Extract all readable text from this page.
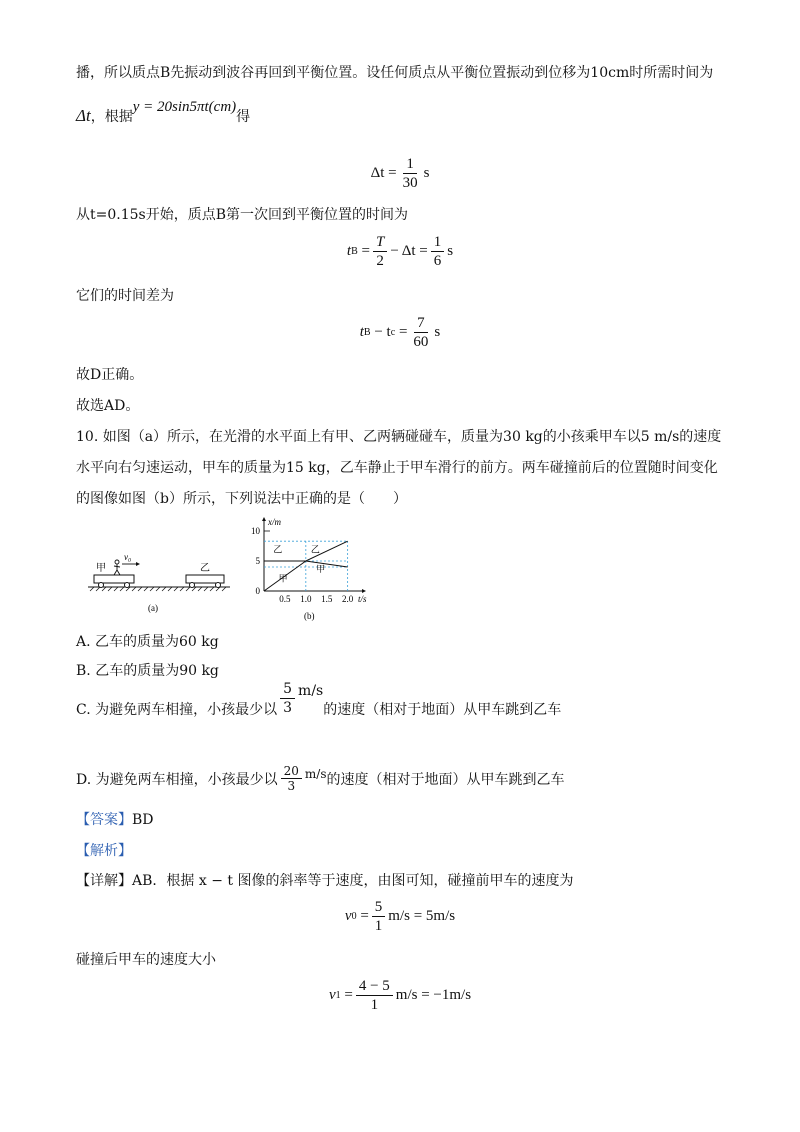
播，所以质点B先振动到波谷再回到平衡位置。设任何质点从平衡位置振动到位移为10cm时所需时间为
Δt ，根据
y = 20sin5πt(cm)
得
$\Delta t = \frac{1}{30}$ s
从t=0.15s开始，质点B第一次回到平衡位置的时间为
t B
= $\frac{T}{2} - \Delta t = \frac{1}{6}$ s
它们的时间差为
t B
− t c
= $\frac{7}{60}$ s
故D正确。
故选AD。
10. 如图（a）所示，在光滑的水平面上有甲、乙两辆碰碰车，质量为30 kg的小孩乘甲车以5 m/s的速度
水平向右匀速运动，甲车的质量为15 kg，乙车静止于甲车滑行的前方。两车碰撞前后的位置随时间变化
的图像如图（b）所示，下列说法中正确的是（　　）
v₀
甲	乙
(a)
x/m
t/s
10
5
0
0.5 1.0 1.5 2.0
乙	乙
甲
甲
(b)
A. 乙车的质量为60 kg
B. 乙车的质量为90 kg
C. 为避免两车相撞，小孩最少以 $\frac{5}{3} m/s$
的速度（相对于地面）从甲车跳到乙车
D. 为避免两车相撞，小孩最少以 $\frac{20}{3} m/s$ 的速度（相对于地面）从甲车跳到乙车
【答案】BD
【解析】
【详解】AB．根据 x − t 图像的斜率等于速度，由图可知，碰撞前甲车的速度为
v 0
= $\frac{5}{1} m/s = 5m/s$
碰撞后甲车的速度大小
v 1
= $\frac{4 - 5}{1} m/s = -1m/s$
